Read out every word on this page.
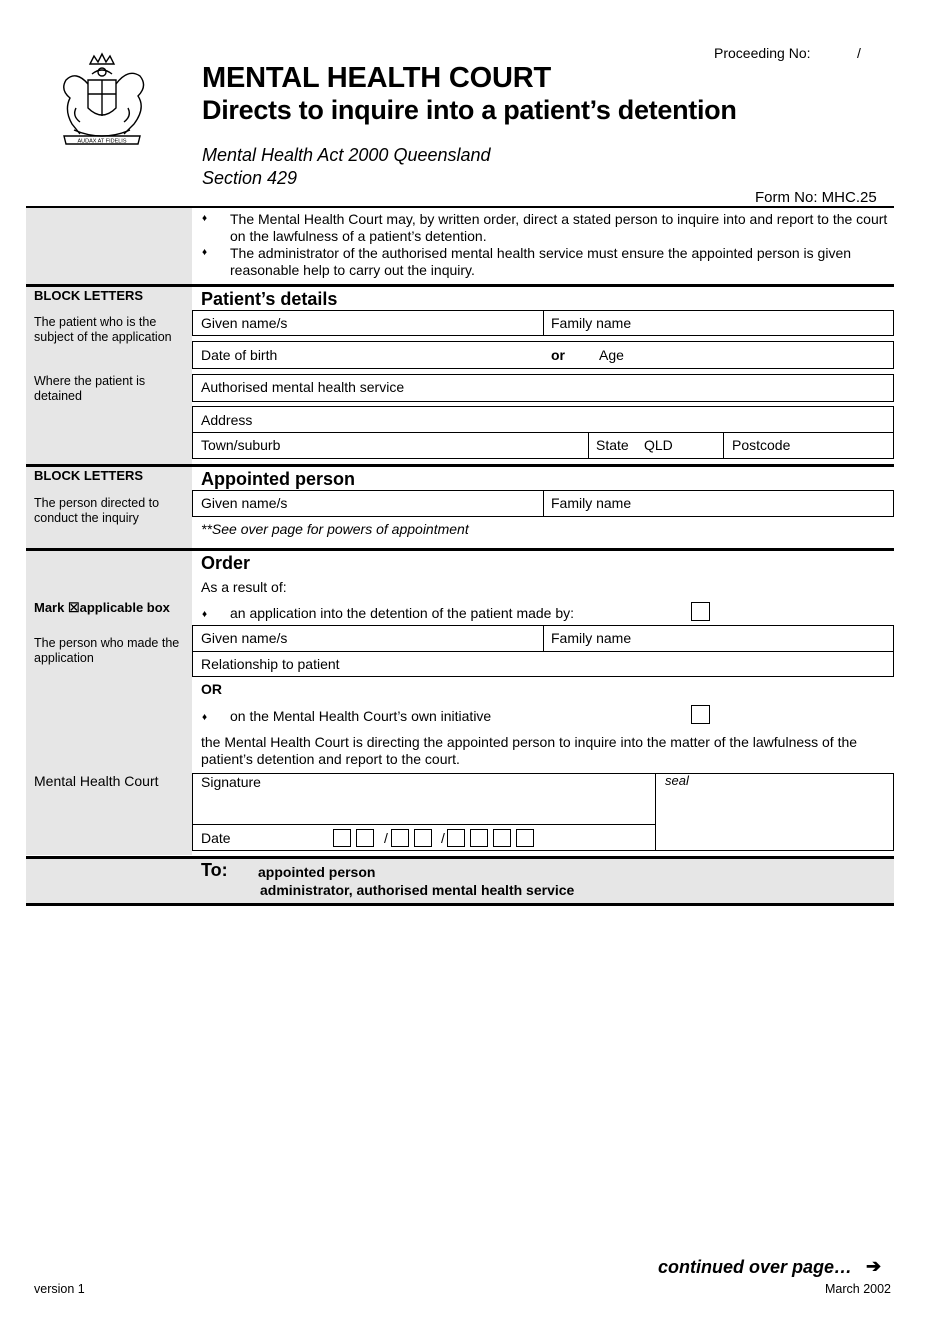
AUDAX AT FIDELIS
Proceeding No:	/
MENTAL HEALTH COURT
Directs to inquire into a patient’s detention
Mental Health Act 2000 Queensland
Section 429
Form No: MHC.25
♦ The Mental Health Court may, by written order, direct a stated person to inquire into and report to the court on the lawfulness of a patient’s detention.
♦ The administrator of the authorised mental health service must ensure the appointed person is given reasonable help to carry out the inquiry.
BLOCK LETTERS
The patient who is the subject of the application
Where the patient is detained
Patient’s details
Given name/s	Family name
Date of birth	or Age
Authorised mental health service
Address
Town/suburb	State QLD	Postcode
BLOCK LETTERS
The person directed to conduct the inquiry
Appointed person
Given name/s	Family name
**See over page for powers of appointment
Mark ☒applicable box
The person who made the application
Mental Health Court
Order
As a result of:
♦ an application into the detention of the patient made by:
Given name/s	Family name
Relationship to patient
OR
♦ on the Mental Health Court’s own initiative
the Mental Health Court is directing the appointed person to inquire into the matter of the lawfulness of the patient’s detention and report to the court.
Signature	seal
Date	/	/
To: appointed person
administrator, authorised mental health service
continued over page… ➔
version 1	March 2002
